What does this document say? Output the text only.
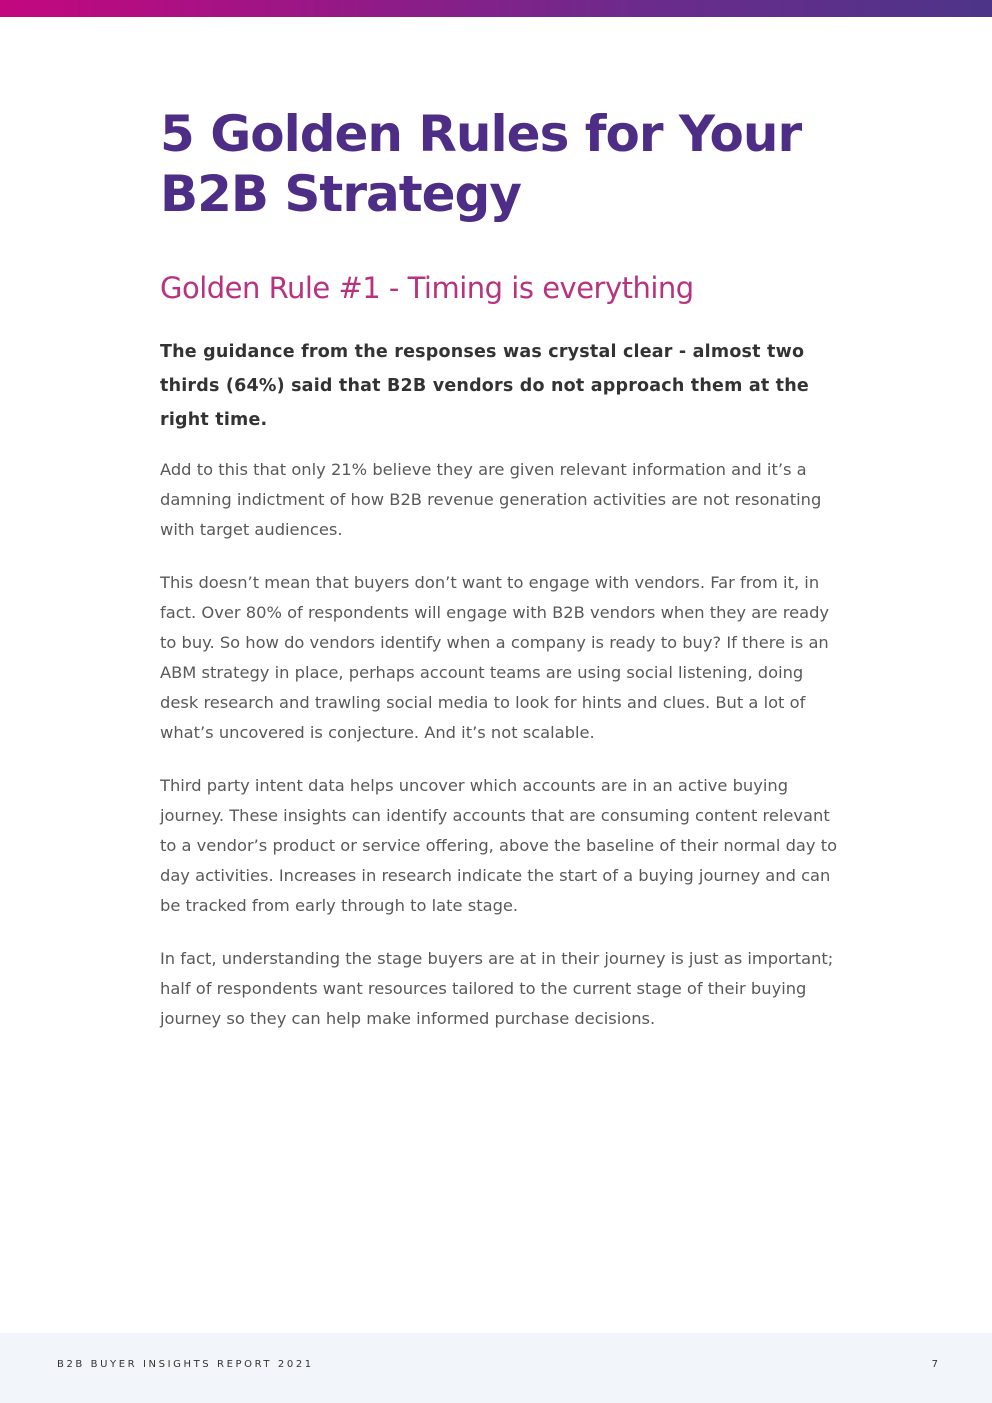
5 Golden Rules for Your
B2B Strategy
Golden Rule #1 - Timing is everything

The guidance from the responses was crystal clear - almost two thirds (64%) said that B2B vendors do not approach them at the right time.

Add to this that only 21% believe they are given relevant information and it’s a damning indictment of how B2B revenue generation activities are not resonating with target audiences.

This doesn’t mean that buyers don’t want to engage with vendors. Far from it, in fact. Over 80% of respondents will engage with B2B vendors when they are ready to buy. So how do vendors identify when a company is ready to buy? If there is an ABM strategy in place, perhaps account teams are using social listening, doing desk research and trawling social media to look for hints and clues. But a lot of what’s uncovered is conjecture. And it’s not scalable.

Third party intent data helps uncover which accounts are in an active buying journey. These insights can identify accounts that are consuming content relevant to a vendor’s product or service offering, above the baseline of their normal day to day activities. Increases in research indicate the start of a buying journey and can be tracked from early through to late stage.

In fact, understanding the stage buyers are at in their journey is just as important; half of respondents want resources tailored to the current stage of their buying journey so they can help make informed purchase decisions.

B2B BUYER INSIGHTS REPORT 2021	7
